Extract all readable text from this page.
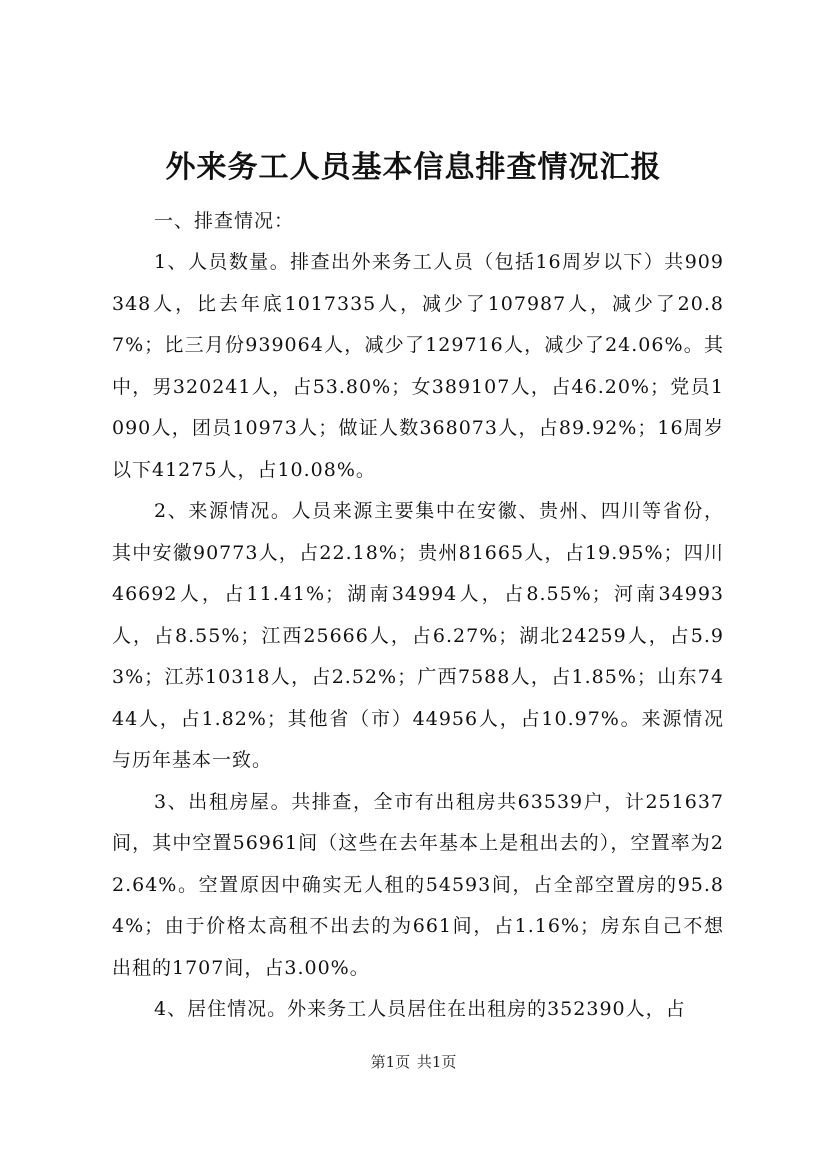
外来务工人员基本信息排查情况汇报

一、排查情况：

1、人员数量。排查出外来务工人员（包括16周岁以下）共909348人，比去年底1017335人，减少了107987人，减少了20.87%；比三月份939064人，减少了129716人，减少了24.06%。其中，男320241人，占53.80%；女389107人，占46.20%；党员1090人，团员10973人；做证人数368073人，占89.92%；16周岁以下41275人，占10.08%。

2、来源情况。人员来源主要集中在安徽、贵州、四川等省份，其中安徽90773人，占22.18%；贵州81665人，占19.95%；四川46692人，占11.41%；湖南34994人，占8.55%；河南34993人，占8.55%；江西25666人，占6.27%；湖北24259人，占5.93%；江苏10318人，占2.52%；广西7588人，占1.85%；山东7444人，占1.82%；其他省（市）44956人，占10.97%。来源情况与历年基本一致。

3、出租房屋。共排查，全市有出租房共63539户，计251637间，其中空置56961间（这些在去年基本上是租出去的），空置率为22.64%。空置原因中确实无人租的54593间，占全部空置房的95.84%；由于价格太高租不出去的为661间，占1.16%；房东自己不想出租的1707间，占3.00%。

4、居住情况。外来务工人员居住在出租房的352390人，占

第1页 共1页
